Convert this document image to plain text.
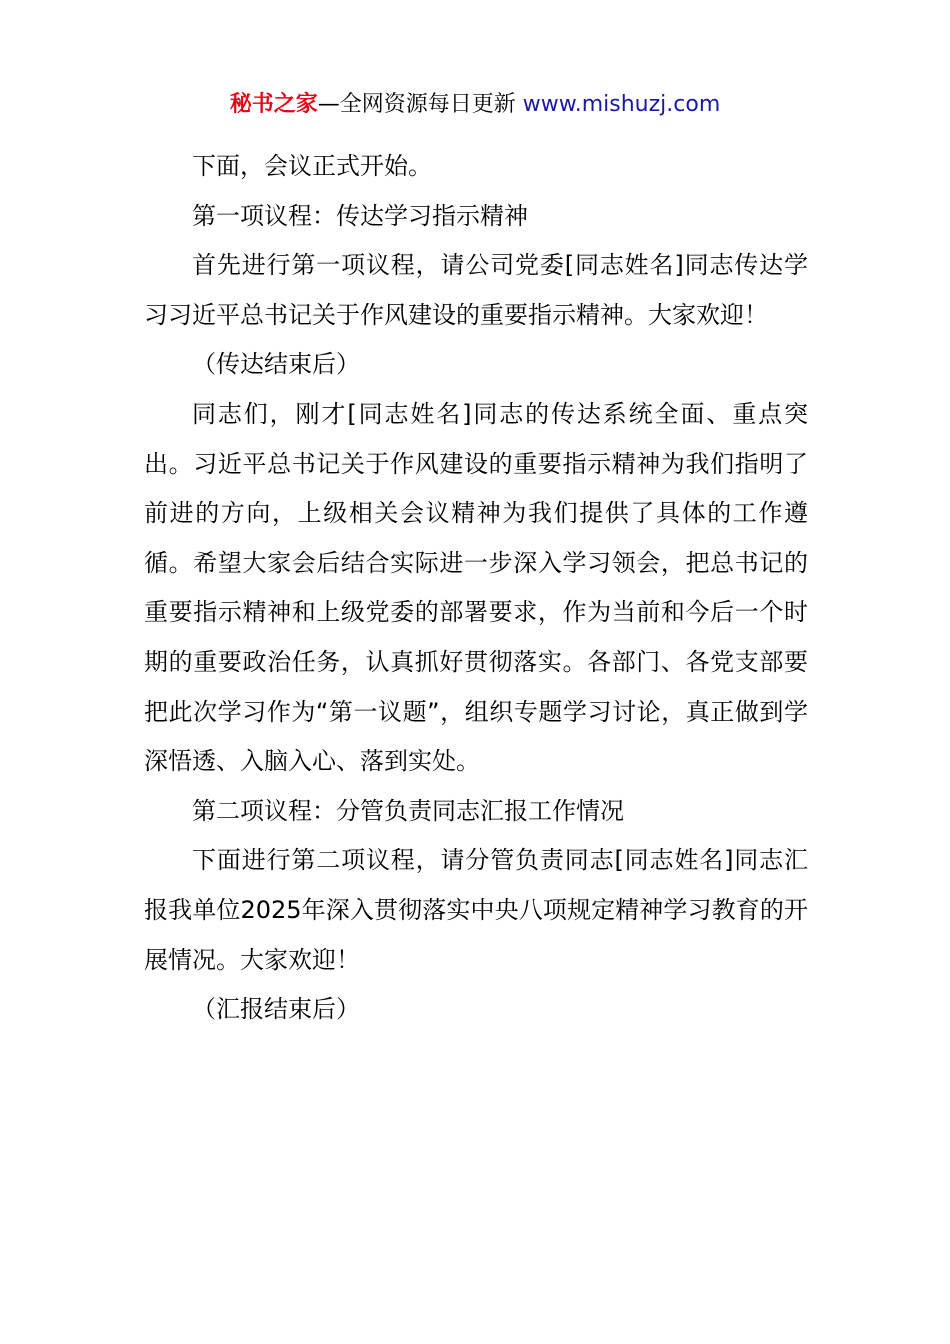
秘书之家—全网资源每日更新 www.mishuzj.com

下面，会议正式开始。

第一项议程：传达学习指示精神

首先进行第一项议程，请公司党委[同志姓名]同志传达学习习近平总书记关于作风建设的重要指示精神。大家欢迎！

（传达结束后）

同志们，刚才[同志姓名]同志的传达系统全面、重点突出。习近平总书记关于作风建设的重要指示精神为我们指明了前进的方向，上级相关会议精神为我们提供了具体的工作遵循。希望大家会后结合实际进一步深入学习领会，把总书记的重要指示精神和上级党委的部署要求，作为当前和今后一个时期的重要政治任务，认真抓好贯彻落实。各部门、各党支部要把此次学习作为“第一议题”，组织专题学习讨论，真正做到学深悟透、入脑入心、落到实处。

第二项议程：分管负责同志汇报工作情况

下面进行第二项议程，请分管负责同志[同志姓名]同志汇报我单位2025年深入贯彻落实中央八项规定精神学习教育的开展情况。大家欢迎！

（汇报结束后）
